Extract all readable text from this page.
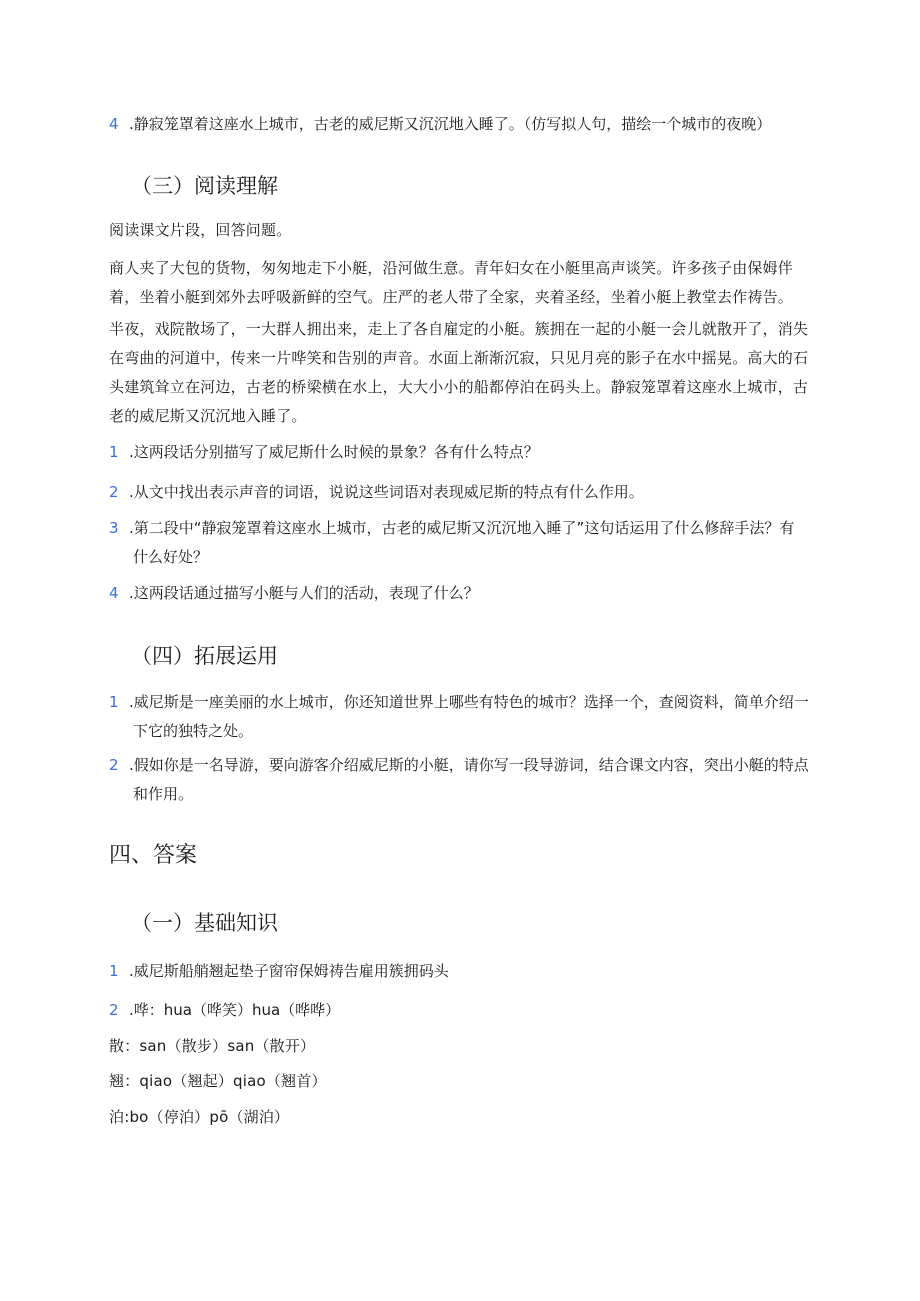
4 .静寂笼罩着这座水上城市，古老的威尼斯又沉沉地入睡了。（仿写拟人句，描绘一个城市的夜晚）
（三）阅读理解
阅读课文片段，回答问题。
商人夹了大包的货物，匆匆地走下小艇，沿河做生意。青年妇女在小艇里高声谈笑。许多孩子由保姆伴着，坐着小艇到郊外去呼吸新鲜的空气。庄严的老人带了全家，夹着圣经，坐着小艇上教堂去作祷告。
半夜，戏院散场了，一大群人拥出来，走上了各自雇定的小艇。簇拥在一起的小艇一会儿就散开了，消失在弯曲的河道中，传来一片哗笑和告别的声音。水面上渐渐沉寂，只见月亮的影子在水中摇晃。高大的石头建筑耸立在河边，古老的桥梁横在水上，大大小小的船都停泊在码头上。静寂笼罩着这座水上城市，古老的威尼斯又沉沉地入睡了。
1 .这两段话分别描写了威尼斯什么时候的景象？各有什么特点？
2 .从文中找出表示声音的词语，说说这些词语对表现威尼斯的特点有什么作用。
3 .第二段中“静寂笼罩着这座水上城市，古老的威尼斯又沉沉地入睡了”这句话运用了什么修辞手法？有什么好处？
4 .这两段话通过描写小艇与人们的活动，表现了什么？
（四）拓展运用
1 .威尼斯是一座美丽的水上城市，你还知道世界上哪些有特色的城市？选择一个，查阅资料，简单介绍一下它的独特之处。
2 .假如你是一名导游，要向游客介绍威尼斯的小艇，请你写一段导游词，结合课文内容，突出小艇的特点和作用。
四、答案
（一）基础知识
1 .威尼斯船艄翘起垫子窗帘保姆祷告雇用簇拥码头
2 .哗：hua（哗笑）hua（哗哗）
散：san（散步）san（散开）
翘：qiao（翘起）qiao（翘首）
泊:bo（停泊）pō（湖泊）
